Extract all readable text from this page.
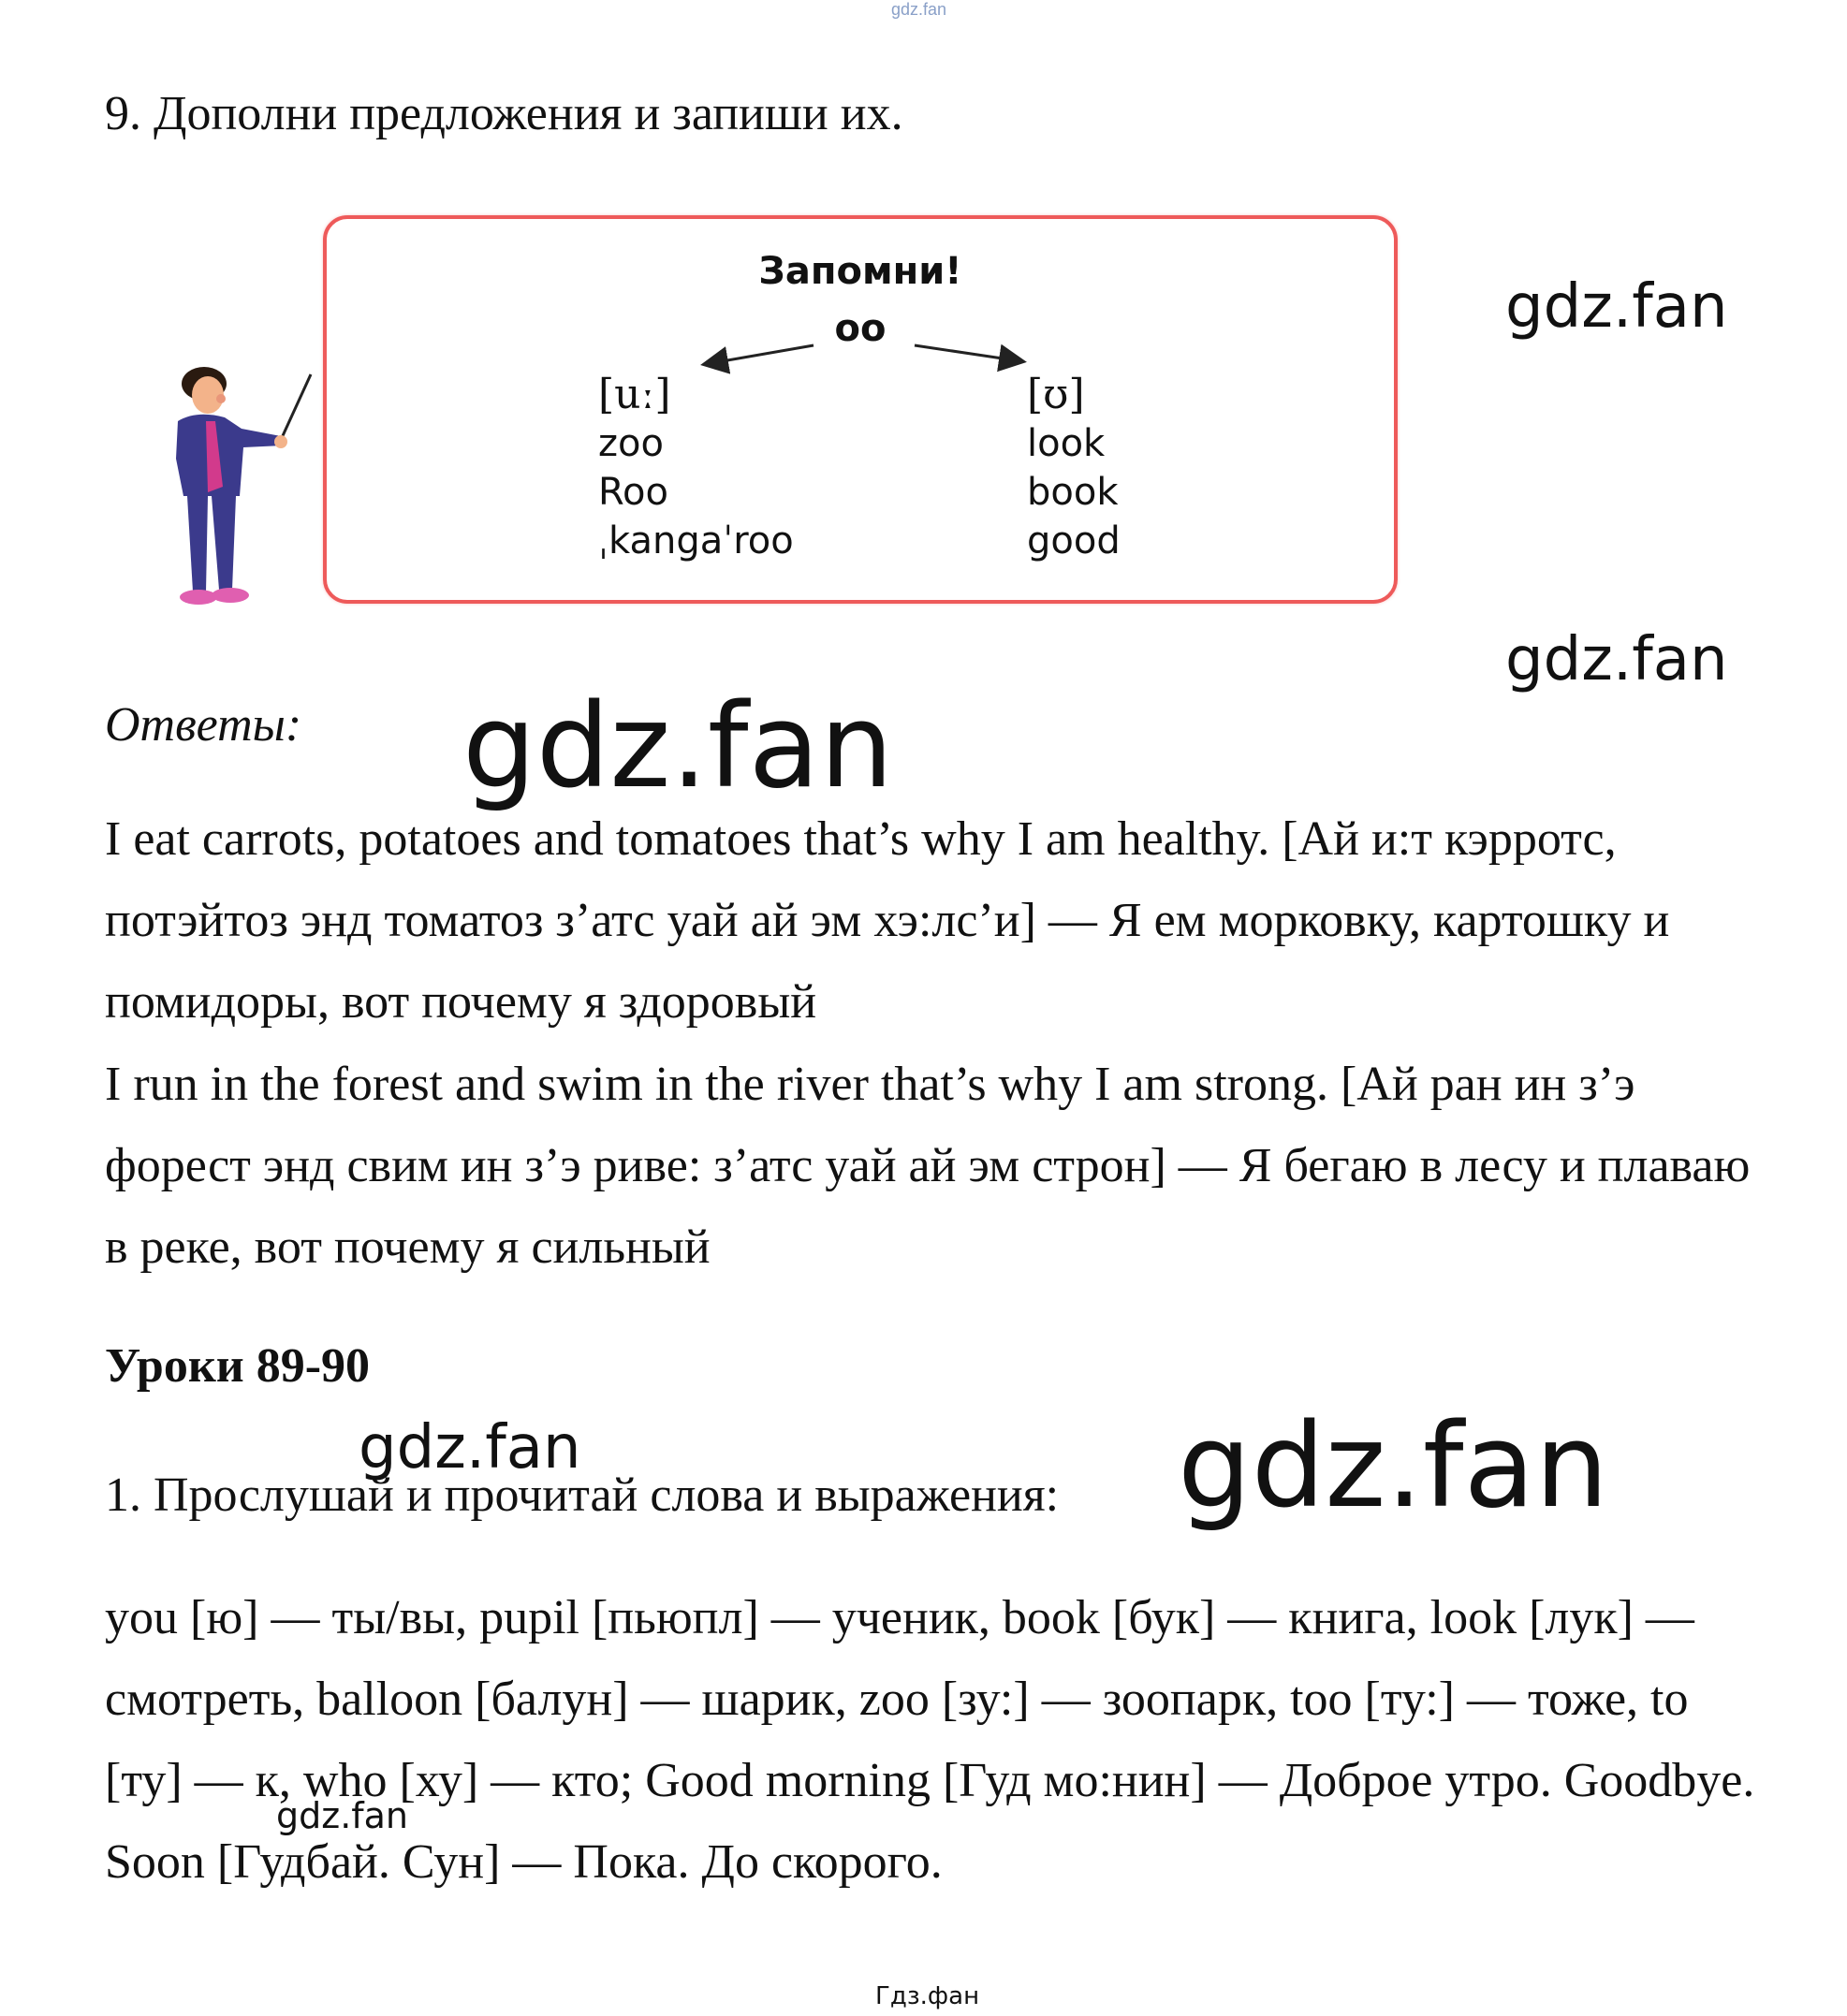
gdz.fan
9. Дополни предложения и запиши их.
Запомни!
oo
[uː]
zoo
Roo
ˌkangaˈroo
[ʊ]
look
book
good
gdz.fan
gdz.fan
Ответы: gdz.fan
I eat carrots, potatoes and tomatoes that’s why I am healthy. [Ай и:т кэрротс, потэйтоз энд томатоз з’атс уай ай эм хэ:лс’и] — Я ем морковку, картошку и помидоры, вот почему я здоровый
I run in the forest and swim in the river that’s why I am strong. [Ай ран ин з’э форест энд свим ин з’э риве: з’атс уай ай эм строн] — Я бегаю в лесу и плаваю в реке, вот почему я сильный
Уроки 89-90
gdz.fan
1. Прослушай и прочитай слова и выражения: gdz.fan
you [ю] — ты/вы, pupil [пьюпл] — ученик, book [бук] — книга, look [лук] — смотреть, balloon [балун] — шарик, zoo [зу:] — зоопарк, too [ту:] — тоже, to [ту] — к, who [ху] — кто; Good morning [Гуд мо:нин] — Доброе утро. Goodbye. Soon [Гудбай. Сун] — Пока. До скорого.
gdz.fan
Гдз.фан
